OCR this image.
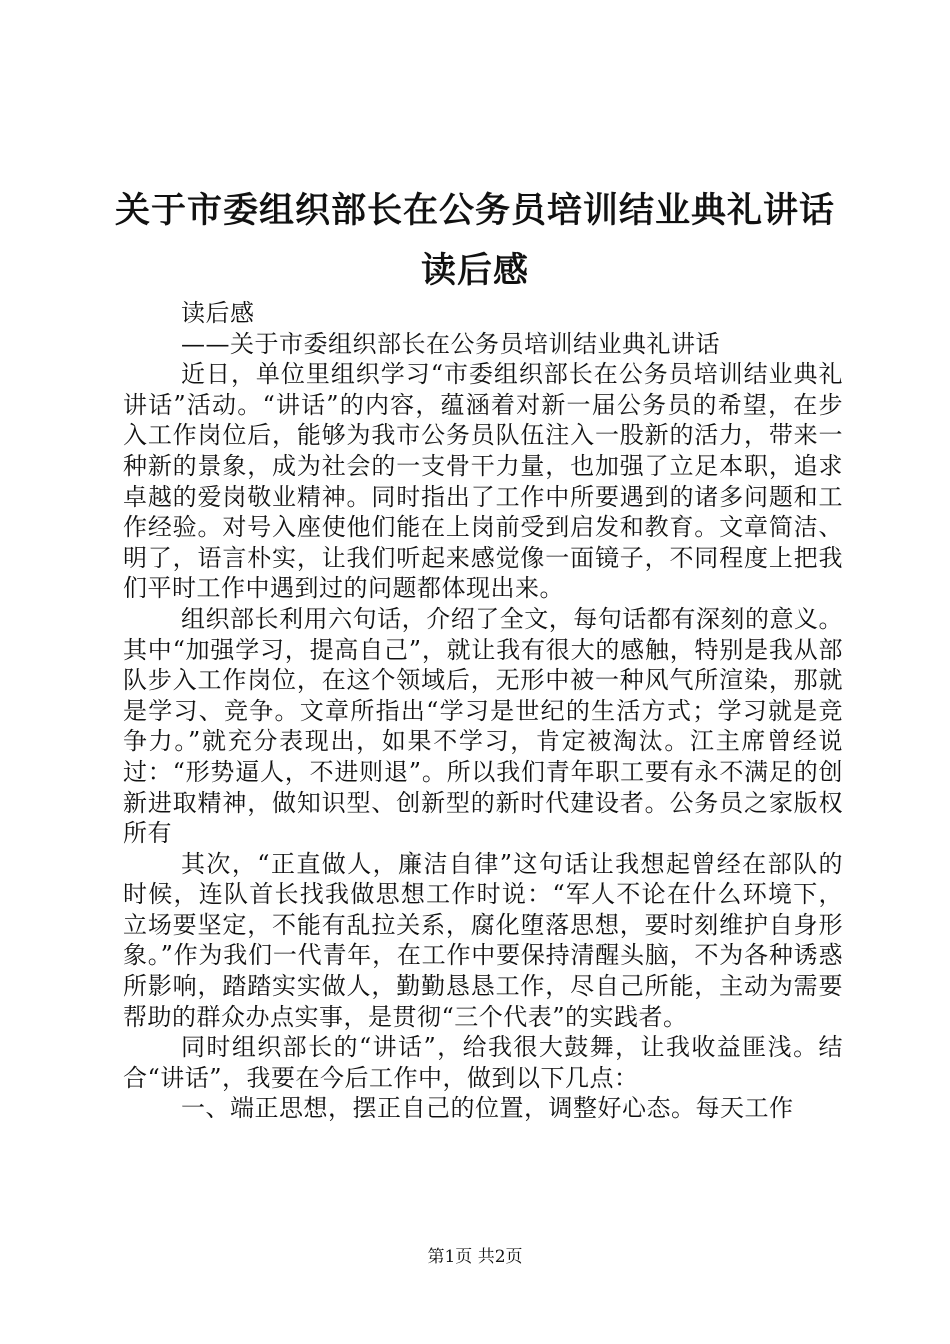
关于市委组织部长在公务员培训结业典礼讲话
读后感

读后感

——关于市委组织部长在公务员培训结业典礼讲话

近日，单位里组织学习“市委组织部长在公务员培训结业典礼讲话”活动。“讲话”的内容，蕴涵着对新一届公务员的希望，在步入工作岗位后，能够为我市公务员队伍注入一股新的活力，带来一种新的景象，成为社会的一支骨干力量，也加强了立足本职，追求卓越的爱岗敬业精神。同时指出了工作中所要遇到的诸多问题和工作经验。对号入座使他们能在上岗前受到启发和教育。文章简洁、明了，语言朴实，让我们听起来感觉像一面镜子，不同程度上把我们平时工作中遇到过的问题都体现出来。

组织部长利用六句话，介绍了全文，每句话都有深刻的意义。其中“加强学习，提高自己”，就让我有很大的感触，特别是我从部队步入工作岗位，在这个领域后，无形中被一种风气所渲染，那就是学习、竞争。文章所指出“学习是世纪的生活方式；学习就是竞争力。”就充分表现出，如果不学习，肯定被淘汰。江主席曾经说过：“形势逼人，不进则退”。所以我们青年职工要有永不满足的创新进取精神，做知识型、创新型的新时代建设者。公务员之家版权所有

其次，“正直做人，廉洁自律”这句话让我想起曾经在部队的时候，连队首长找我做思想工作时说：“军人不论在什么环境下，立场要坚定，不能有乱拉关系，腐化堕落思想，要时刻维护自身形象。”作为我们一代青年，在工作中要保持清醒头脑，不为各种诱惑所影响，踏踏实实做人，勤勤恳恳工作，尽自己所能，主动为需要帮助的群众办点实事，是贯彻“三个代表”的实践者。

同时组织部长的“讲话”，给我很大鼓舞，让我收益匪浅。结合“讲话”，我要在今后工作中，做到以下几点：

一、端正思想，摆正自己的位置，调整好心态。每天工作

第1页 共2页
